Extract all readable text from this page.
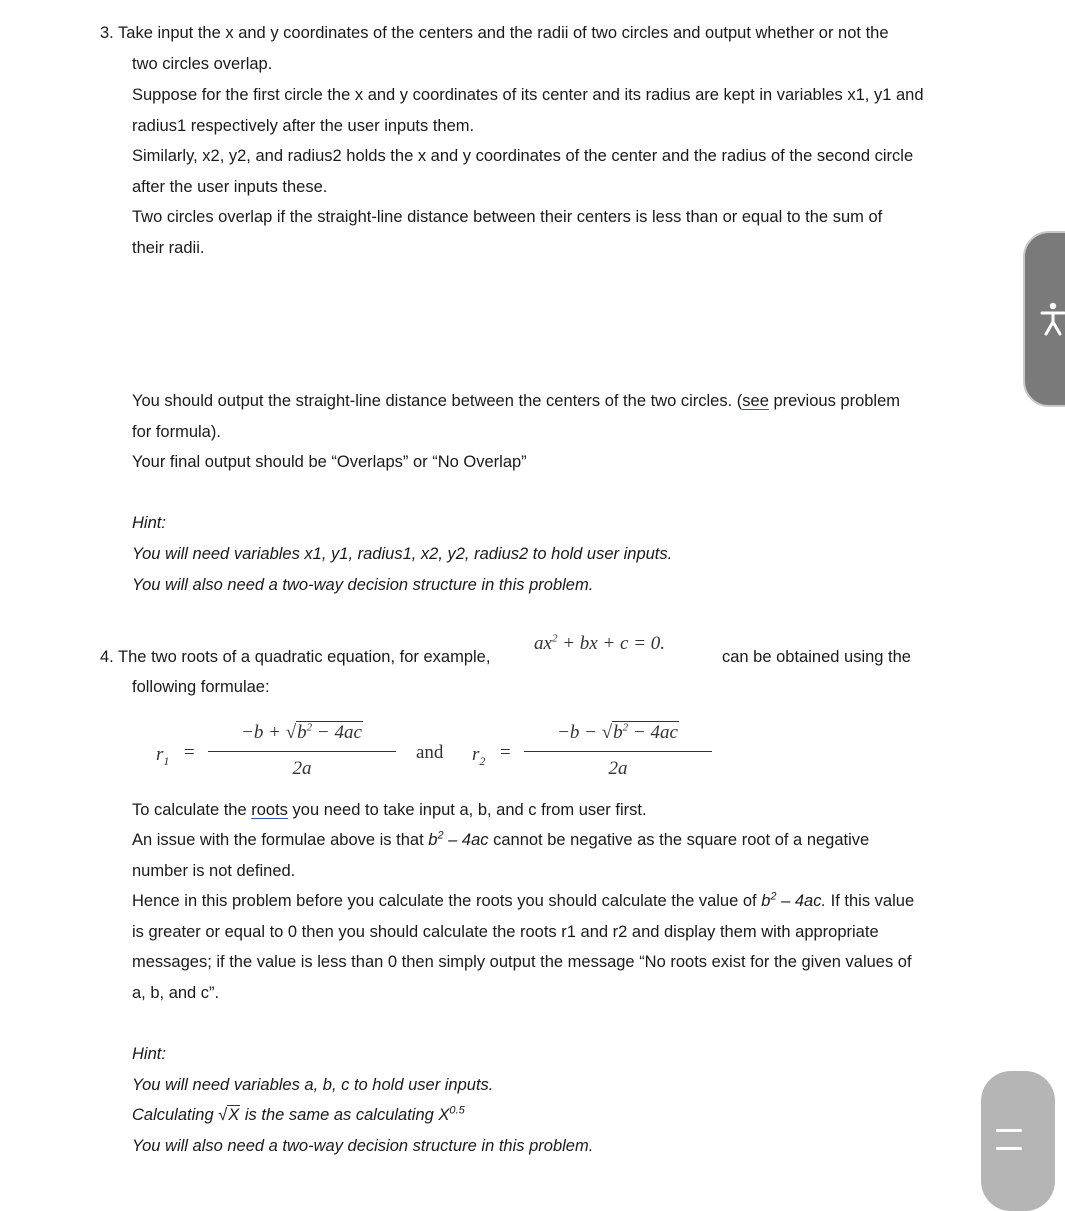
3. Take input the x and y coordinates of the centers and the radii of two circles and output whether or not the
two circles overlap.
Suppose for the first circle the x and y coordinates of its center and its radius are kept in variables x1, y1 and
radius1 respectively after the user inputs them.
Similarly, x2, y2, and radius2 holds the x and y coordinates of the center and the radius of the second circle
after the user inputs these.
Two circles overlap if the straight-line distance between their centers is less than or equal to the sum of
their radii.
You should output the straight-line distance between the centers of the two circles. (see previous problem
for formula).
Your final output should be “Overlaps” or “No Overlap”
Hint:
You will need variables x1, y1, radius1, x2, y2, radius2 to hold user inputs.
You will also need a two-way decision structure in this problem.
4. The two roots of a quadratic equation, for example,
$ax^2$ + bx + c = 0.
can be obtained using the
following formulae:
$r_1$ =
$-b + √b^2 - 4ac$
2a
and $r_2$ =
$-b - √b^2 - 4ac$
2a
To calculate the roots you need to take input a, b, and c from user first.
An issue with the formulae above is that $b^2 - 4ac$ cannot be negative as the square root of a negative
number is not defined.
Hence in this problem before you calculate the roots you should calculate the value of $b^2 - 4ac$. If this value
is greater or equal to 0 then you should calculate the roots r1 and r2 and display them with appropriate
messages; if the value is less than 0 then simply output the message “No roots exist for the given values of
a, b, and c”.
Hint:
You will need variables a, b, c to hold user inputs.
Calculating √X is the same as calculating $X^{0.5}$
You will also need a two-way decision structure in this problem.
